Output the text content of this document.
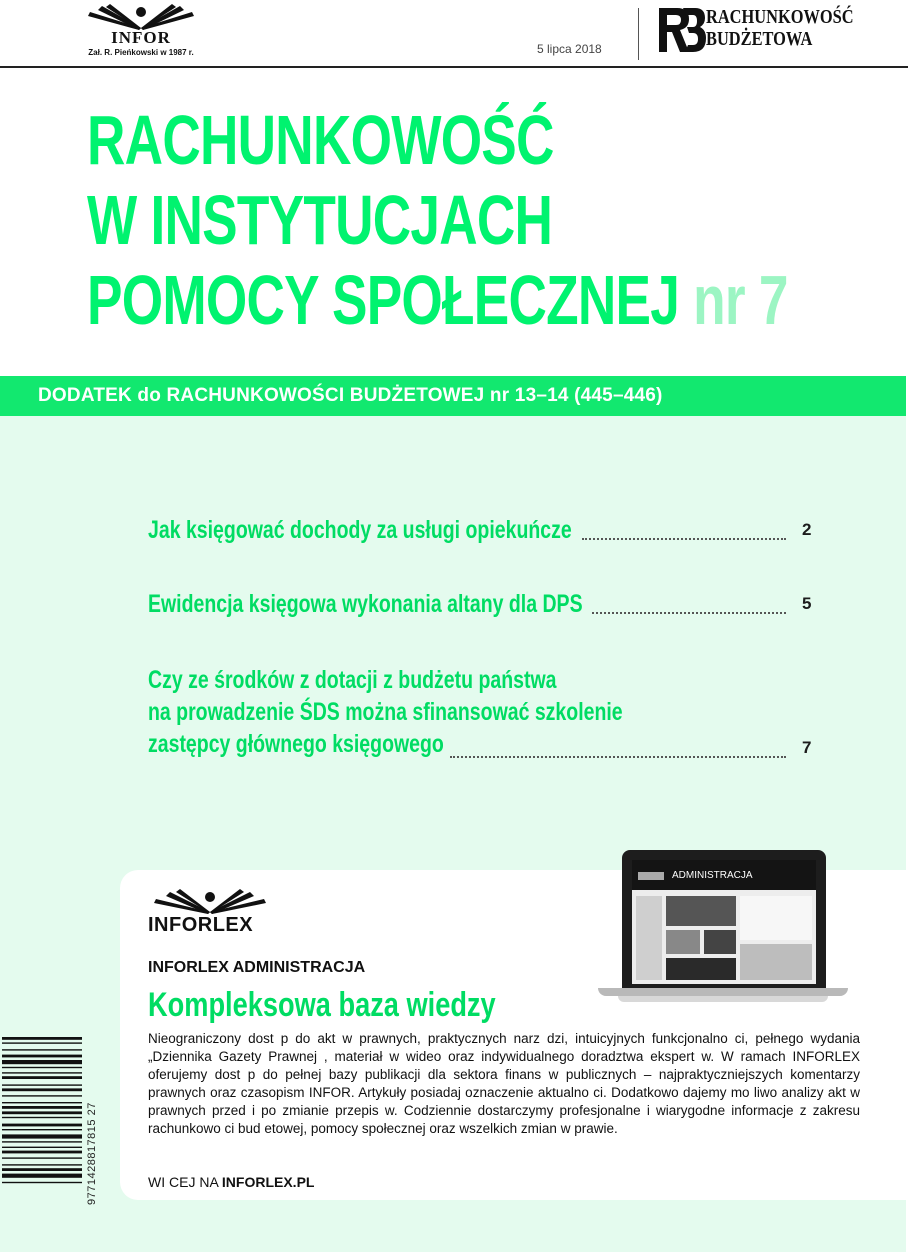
INFOR
Zał. R. Pieńkowski w 1987 r.	5 lipca 2018
RACHUNKOWOŚĆ
BUDŻETOWA
RACHUNKOWOŚĆ
W INSTYTUCJACH
POMOCY SPOŁECZNEJ nr 7
DODATEK do RACHUNKOWOŚCI BUDŻETOWEJ nr 13–14 (445–446)
Jak księgować dochody za usługi opiekuńcze	2
Ewidencja księgowa wykonania altany dla DPS	5
Czy ze środków z dotacji z budżetu państwa
na prowadzenie ŚDS można sfinansować szkolenie
zastępcy głównego księgowego	7
INFORLEX
INFORLEX ADMINISTRACJA
Kompleksowa baza wiedzy
ADMINISTRACJA
Nieograniczony dost p do akt w prawnych, praktycznych narz dzi, intuicyjnych funkcjonalno ci, pełnego wydania „Dziennika Gazety Prawnej , materiał w wideo oraz indywidualnego doradztwa ekspert w. W ramach INFORLEX oferujemy dost p do pełnej bazy publikacji dla sektora finans w publicznych – najpraktyczniejszych komentarzy prawnych oraz czasopism INFOR. Artykuły posiadaj oznaczenie aktualno ci. Dodatkowo dajemy mo liwo analizy akt w prawnych przed i po zmianie przepis w. Codziennie dostarczymy profesjonalne i wiarygodne informacje z zakresu rachunkowo ci bud etowej, pomocy społecznej oraz wszelkich zmian w prawie.
WI CEJ NA INFORLEX.PL
9771428817815 27
